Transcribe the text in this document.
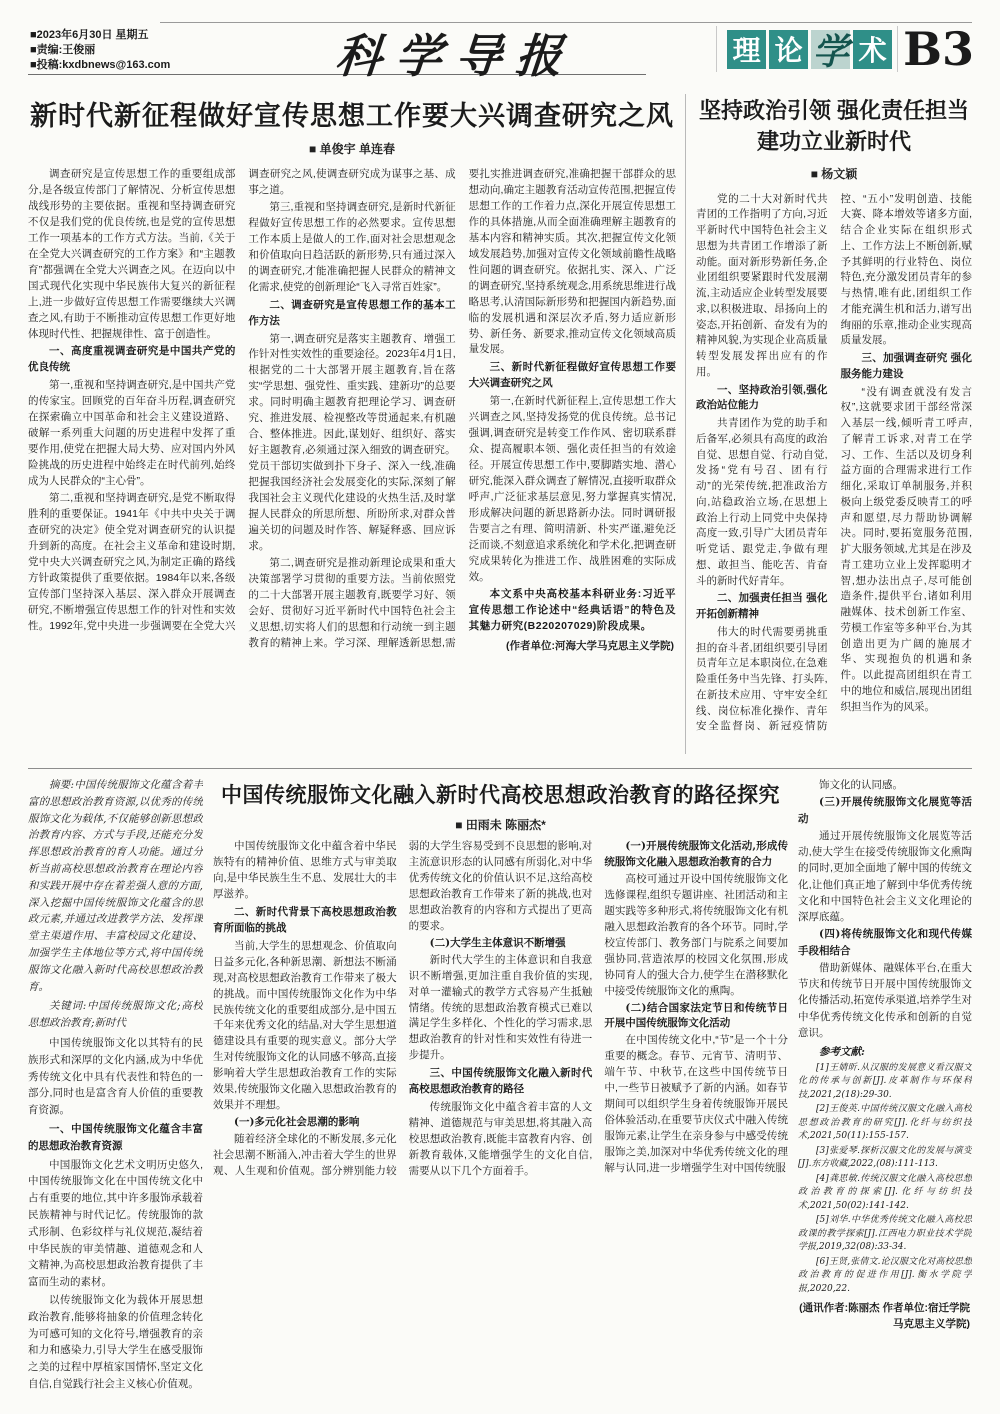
■2023年6月30日 星期五
■责编:王俊丽
■投稿:kxdbnews@163.com	科学导报	理 论 学 术 B3
新时代新征程做好宣传思想工作要大兴调查研究之风
■ 单俊宇 单连春

调查研究是宣传思想工作的重要组成部分,是各级宣传部门了解情况、分析宣传思想战线形势的主要依据。重视和坚持调查研究不仅是我们党的优良传统,也是党的宣传思想工作一项基本的工作方式方法。当前,《关于在全党大兴调查研究的工作方案》和“主题教育”都强调在全党大兴调查之风。在迈向以中国式现代化实现中华民族伟大复兴的新征程上,进一步做好宣传思想工作需要继续大兴调查之风,有助于不断推动宣传思想工作更好地体现时代性、把握规律性、富于创造性。

一、高度重视调查研究是中国共产党的优良传统

第一,重视和坚持调查研究,是中国共产党的传家宝。回顾党的百年奋斗历程,调查研究在探索确立中国革命和社会主义建设道路、破解一系列重大问题的历史进程中发挥了重要作用,使党在把握大局大势、应对国内外风险挑战的历史进程中始终走在时代前列,始终成为人民群众的“主心骨”。

第二,重视和坚持调查研究,是党不断取得胜利的重要保证。1941年《中共中央关于调查研究的决定》使全党对调查研究的认识提升到新的高度。在社会主义革命和建设时期,党中央大兴调查研究之风,为制定正确的路线方针政策提供了重要依据。1984年以来,各级宣传部门坚持深入基层、深入群众开展调查研究,不断增强宣传思想工作的针对性和实效性。1992年,党中央进一步强调要在全党大兴调查研究之风,使调查研究成为谋事之基、成事之道。

第三,重视和坚持调查研究,是新时代新征程做好宣传思想工作的必然要求。宣传思想工作本质上是做人的工作,面对社会思想观念和价值取向日趋活跃的新形势,只有通过深入的调查研究,才能准确把握人民群众的精神文化需求,使党的创新理论“飞入寻常百姓家”。

二、调查研究是宣传思想工作的基本工作方法

第一,调查研究是落实主题教育、增强工作针对性实效性的重要途径。2023年4月1日,根据党的二十大部署开展主题教育,旨在落实“学思想、强党性、重实践、建新功”的总要求。同时明确主题教育把理论学习、调查研究、推进发展、检视整改等贯通起来,有机融合、整体推进。因此,谋划好、组织好、落实好主题教育,必须通过深入细致的调查研究。党员干部切实做到扑下身子、深入一线,准确把握我国经济社会发展变化的实际,深刻了解我国社会主义现代化建设的火热生活,及时掌握人民群众的所思所想、所盼所求,对群众普遍关切的问题及时作答、解疑释惑、回应诉求。

第二,调查研究是推动新理论成果和重大决策部署学习贯彻的重要方法。当前依照党的二十大部署开展主题教育,既要学习好、领会好、贯彻好习近平新时代中国特色社会主义思想,切实将人们的思想和行动统一到主题教育的精神上来。学习深、理解透新思想,需要扎实推进调查研究,准确把握干部群众的思想动向,确定主题教育活动宣传范围,把握宣传思想工作的工作着力点,深化开展宣传思想工作的具体措施,从而全面准确理解主题教育的基本内容和精神实质。其次,把握宣传文化领域发展趋势,加强对宣传文化领域前瞻性战略性问题的调查研究。依据扎实、深入、广泛的调查研究,坚持系统观念,用系统思维进行战略思考,认清国际新形势和把握国内新趋势,面临的发展机遇和深层次矛盾,努力适应新形势、新任务、新要求,推动宣传文化领域高质量发展。

三、新时代新征程做好宣传思想工作要大兴调查研究之风

第一,在新时代新征程上,宣传思想工作大兴调查之风,坚持发扬党的优良传统。总书记强调,调查研究是转变工作作风、密切联系群众、提高履职本领、强化责任担当的有效途径。开展宣传思想工作中,要脚踏实地、潜心研究,能深入群众调查了解情况,直接听取群众呼声,广泛征求基层意见,努力掌握真实情况,形成解决问题的新思路新办法。同时调研报告要言之有理、简明清新、朴实严谨,避免泛泛而谈,不刻意追求系统化和学术化,把调查研究成果转化为推进工作、战胜困难的实际成效。

本文系中央高校基本科研业务:习近平宣传思想工作论述中“经典话语”的特色及其魅力研究(B220207029)阶段成果。

(作者单位:河海大学马克思主义学院)

坚持政治引领 强化责任担当
建功立业新时代
■ 杨文颖

党的二十大对新时代共青团的工作指明了方向,习近平新时代中国特色社会主义思想为共青团工作增添了新动能。面对新形势新任务,企业团组织要紧跟时代发展潮流,主动适应企业转型发展要求,以积极进取、昂扬向上的姿态,开拓创新、奋发有为的精神风貌,为实现企业高质量转型发展发挥出应有的作用。

一、坚持政治引领,强化政治站位能力

共青团作为党的助手和后备军,必须具有高度的政治自觉、思想自觉、行动自觉,发扬“党有号召、团有行动”的光荣传统,把准政治方向,站稳政治立场,在思想上政治上行动上同党中央保持高度一致,引导广大团员青年听党话、跟党走,争做有理想、敢担当、能吃苦、肯奋斗的新时代好青年。

二、加强责任担当 强化开拓创新精神

伟大的时代需要勇挑重担的奋斗者,团组织要引导团员青年立足本职岗位,在急难险重任务中当先锋、打头阵,在新技术应用、守牢安全红线、岗位标准化操作、青年安全监督岗、新冠疫情防控、“五小”发明创造、技能大赛、降本增效等诸多方面,结合企业实际在组织形式上、工作方法上不断创新,赋予其鲜明的行业特色、岗位特色,充分激发团员青年的参与热情,唯有此,团组织工作才能充满生机和活力,谱写出绚丽的乐章,推动企业实现高质量发展。

三、加强调查研究 强化服务能力建设

“没有调查就没有发言权”,这就要求团干部经常深入基层一线,倾听青工呼声,了解青工诉求,对青工在学习、工作、生活以及切身利益方面的合理需求进行工作细化,采取订单制服务,并积极向上级党委反映青工的呼声和愿望,尽力帮助协调解决。同时,要拓宽服务范围,扩大服务领域,尤其是在涉及青工建功立业上发挥聪明才智,想办法出点子,尽可能创造条件,提供平台,诸如利用融媒体、技术创新工作室、劳模工作室等多种平台,为其创造出更为广阔的施展才华、实现抱负的机遇和条件。以此提高团组织在青工中的地位和威信,展现出团组织担当作为的风采。

摘要:中国传统服饰文化蕴含着丰富的思想政治教育资源,以优秀的传统服饰文化为载体,不仅能够创新思想政治教育内容、方式与手段,还能充分发挥思想政治教育的育人功能。通过分析当前高校思想政治教育在理论内容和实践开展中存在着差强人意的方面,深入挖掘中国传统服饰文化蕴含的思政元素,并通过改进教学方法、发挥课堂主渠道作用、丰富校园文化建设、加强学生主体地位等方式,将中国传统服饰文化融入新时代高校思想政治教育。

关键词:中国传统服饰文化;高校思想政治教育;新时代

中国传统服饰文化以其特有的民族形式和深厚的文化内涵,成为中华优秀传统文化中具有代表性和特色的一部分,同时也是富含育人价值的重要教育资源。

一、中国传统服饰文化蕴含丰富的思想政治教育资源

中国服饰文化艺术文明历史悠久,中国传统服饰文化在中国传统文化中占有重要的地位,其中许多服饰承载着民族精神与时代记忆。传统服饰的款式形制、色彩纹样与礼仪规范,凝结着中华民族的审美情趣、道德观念和人文精神,为高校思想政治教育提供了丰富而生动的素材。

以传统服饰文化为载体开展思想政治教育,能够将抽象的价值理念转化为可感可知的文化符号,增强教育的亲和力和感染力,引导大学生在感受服饰之美的过程中厚植家国情怀,坚定文化自信,自觉践行社会主义核心价值观。

中国传统服饰文化融入新时代高校思想政治教育的路径探究
■ 田雨未 陈丽杰*

中国传统服饰文化中蕴含着中华民族特有的精神价值、思维方式与审美取向,是中华民族生生不息、发展壮大的丰厚滋养。

二、新时代背景下高校思想政治教育所面临的挑战

当前,大学生的思想观念、价值取向日益多元化,各种新思潮、新想法不断涌现,对高校思想政治教育工作带来了极大的挑战。而中国传统服饰文化作为中华民族传统文化的重要组成部分,是中国五千年来优秀文化的结晶,对大学生思想道德建设具有重要的现实意义。部分大学生对传统服饰文化的认同感不够高,直接影响着大学生思想政治教育工作的实际效果,传统服饰文化融入思想政治教育的效果并不理想。

(一)多元化社会思潮的影响

随着经济全球化的不断发展,多元化社会思潮不断涌入,冲击着大学生的世界观、人生观和价值观。部分辨别能力较弱的大学生容易受到不良思想的影响,对主流意识形态的认同感有所弱化,对中华优秀传统文化的价值认识不足,这给高校思想政治教育工作带来了新的挑战,也对思想政治教育的内容和方式提出了更高的要求。

(二)大学生主体意识不断增强

新时代大学生的主体意识和自我意识不断增强,更加注重自我价值的实现,对单一灌输式的教学方式容易产生抵触情绪。传统的思想政治教育模式已难以满足学生多样化、个性化的学习需求,思想政治教育的针对性和实效性有待进一步提升。

三、中国传统服饰文化融入新时代高校思想政治教育的路径

传统服饰文化中蕴含着丰富的人文精神、道德规范与审美思想,将其融入高校思想政治教育,既能丰富教育内容、创新教育载体,又能增强学生的文化自信,需要从以下几个方面着手。

(一)开展传统服饰文化活动,形成传统服饰文化融入思想政治教育的合力

高校可通过开设中国传统服饰文化选修课程,组织专题讲座、社团活动和主题实践等多种形式,将传统服饰文化有机融入思想政治教育的各个环节。同时,学校宣传部门、教务部门与院系之间要加强协同,营造浓厚的校园文化氛围,形成协同育人的强大合力,使学生在潜移默化中接受传统服饰文化的熏陶。

(二)结合国家法定节日和传统节日开展中国传统服饰文化活动

在中国传统文化中,“节”是一个十分重要的概念。春节、元宵节、清明节、端午节、中秋节,在这些中国传统节日中,一些节日被赋予了新的内涵。如春节期间可以组织学生身着传统服饰开展民俗体验活动,在重要节庆仪式中融入传统服饰元素,让学生在亲身参与中感受传统服饰之美,加深对中华优秀传统文化的理解与认同,进一步增强学生对中国传统服

饰文化的认同感。

(三)开展传统服饰文化展览等活动

通过开展传统服饰文化展览等活动,使大学生在接受传统服饰文化熏陶的同时,更加全面地了解中国的传统文化,让他们真正地了解到中华优秀传统文化和中国特色社会主义文化理论的深厚底蕴。

(四)将传统服饰文化和现代传媒手段相结合

借助新媒体、融媒体平台,在重大节庆和传统节日开展中国传统服饰文化传播活动,拓宽传承渠道,培养学生对中华优秀传统文化传承和创新的自觉意识。

参考文献:

[1]王婧昕.从汉服的发展意义看汉服文化的传承与创新[J].皮革制作与环保科技,2021,2(18):29-30.

[2]王俊英.中国传统汉服文化融入高校思想政治教育的研究[J].化纤与纺织技术,2021,50(11):155-157.

[3]张爱琴.探析汉服文化的发展与演变[J].东方收藏,2022,(08):111-113.

[4]龚思敏.传统汉服文化融入高校思想政治教育的探索[J].化纤与纺织技术,2021,50(02):141-142.

[5]刘华.中华优秀传统文化融入高校思政课的教学探索[J].江西电力职业技术学院学报,2019,32(08):33-34.

[6]王贤,张倩文.论汉服文化对高校思想政治教育的促进作用[J].衡水学院学报,2020,22.

(通讯作者:陈丽杰 作者单位:宿迁学院马克思主义学院)
